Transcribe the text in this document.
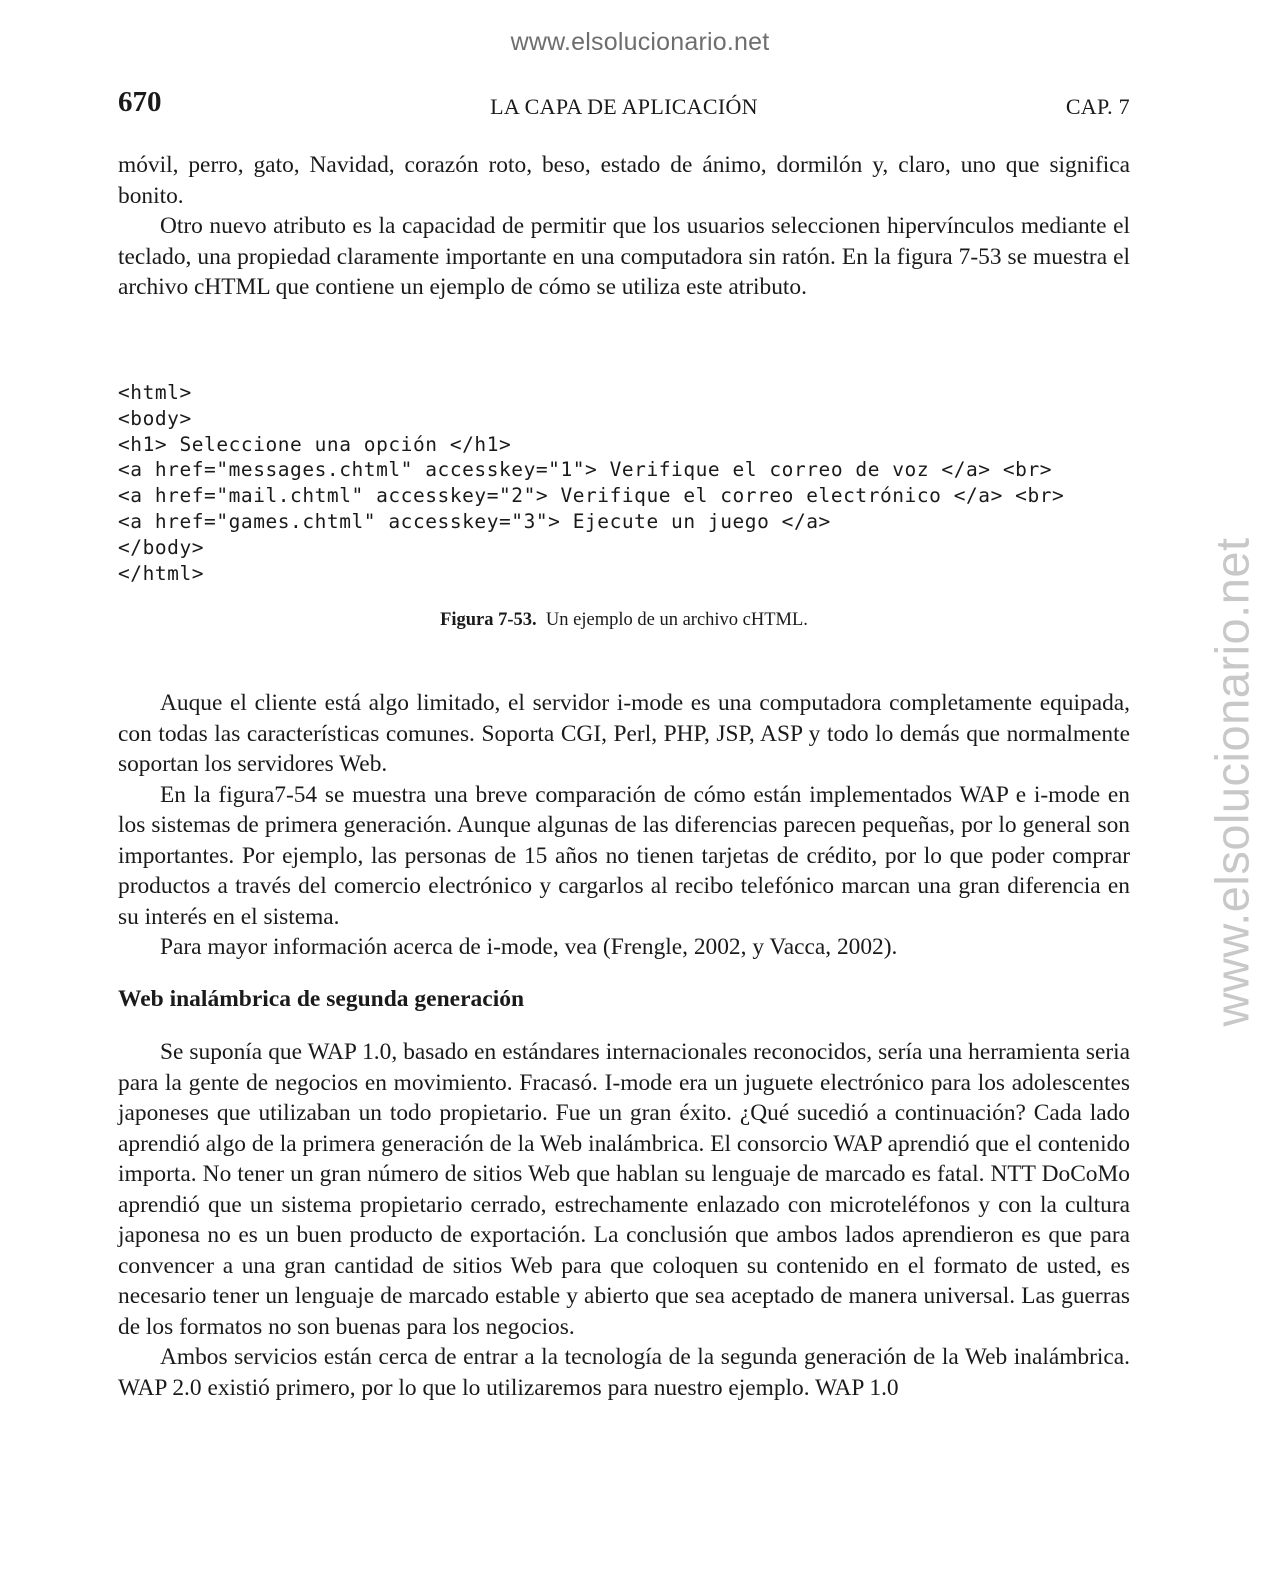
www.elsolucionario.net
www.elsolucionario.net
670	LA CAPA DE APLICACIÓN	CAP. 7

móvil, perro, gato, Navidad, corazón roto, beso, estado de ánimo, dormilón y, claro, uno que significa bonito.

Otro nuevo atributo es la capacidad de permitir que los usuarios seleccionen hipervínculos mediante el teclado, una propiedad claramente importante en una computadora sin ratón. En la figura 7-53 se muestra el archivo cHTML que contiene un ejemplo de cómo se utiliza este atributo.

<html>
<body>
<h1> Seleccione una opción </h1>
<a href="messages.chtml" accesskey="1"> Verifique el correo de voz </a> <br>
<a href="mail.chtml" accesskey="2"> Verifique el correo electrónico </a> <br>
<a href="games.chtml" accesskey="3"> Ejecute un juego </a>
</body>
</html>
Figura 7-53. Un ejemplo de un archivo cHTML.

Auque el cliente está algo limitado, el servidor i-mode es una computadora completamente equipada, con todas las características comunes. Soporta CGI, Perl, PHP, JSP, ASP y todo lo demás que normalmente soportan los servidores Web.

En la figura7-54 se muestra una breve comparación de cómo están implementados WAP e i-mode en los sistemas de primera generación. Aunque algunas de las diferencias parecen pequeñas, por lo general son importantes. Por ejemplo, las personas de 15 años no tienen tarjetas de crédito, por lo que poder comprar productos a través del comercio electrónico y cargarlos al recibo telefónico marcan una gran diferencia en su interés en el sistema.

Para mayor información acerca de i-mode, vea (Frengle, 2002, y Vacca, 2002).

Web inalámbrica de segunda generación

Se suponía que WAP 1.0, basado en estándares internacionales reconocidos, sería una herramienta seria para la gente de negocios en movimiento. Fracasó. I-mode era un juguete electrónico para los adolescentes japoneses que utilizaban un todo propietario. Fue un gran éxito. ¿Qué sucedió a continuación? Cada lado aprendió algo de la primera generación de la Web inalámbrica. El consorcio WAP aprendió que el contenido importa. No tener un gran número de sitios Web que hablan su lenguaje de marcado es fatal. NTT DoCoMo aprendió que un sistema propietario cerrado, estrechamente enlazado con microteléfonos y con la cultura japonesa no es un buen producto de exportación. La conclusión que ambos lados aprendieron es que para convencer a una gran cantidad de sitios Web para que coloquen su contenido en el formato de usted, es necesario tener un lenguaje de marcado estable y abierto que sea aceptado de manera universal. Las guerras de los formatos no son buenas para los negocios.

Ambos servicios están cerca de entrar a la tecnología de la segunda generación de la Web inalámbrica. WAP 2.0 existió primero, por lo que lo utilizaremos para nuestro ejemplo. WAP 1.0
